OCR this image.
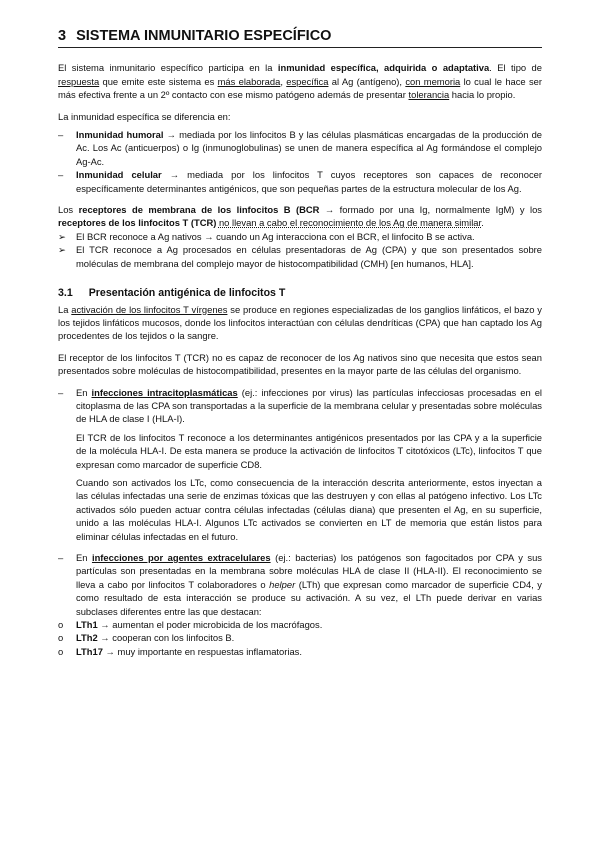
3 SISTEMA INMUNITARIO ESPECÍFICO

El sistema inmunitario específico participa en la inmunidad específica, adquirida o adaptativa. El tipo de respuesta que emite este sistema es más elaborada, específica al Ag (antígeno), con memoria lo cual le hace ser más efectiva frente a un 2º contacto con ese mismo patógeno además de presentar tolerancia hacia lo propio.

La inmunidad específica se diferencia en:

–	Inmunidad humoral → mediada por los linfocitos B y las células plasmáticas encargadas de la producción de Ac. Los Ac (anticuerpos) o Ig (inmunoglobulinas) se unen de manera específica al Ag formándose el complejo Ag-Ac.
–	Inmunidad celular → mediada por los linfocitos T cuyos receptores son capaces de reconocer específicamente determinantes antigénicos, que son pequeñas partes de la estructura molecular de los Ag.

Los receptores de membrana de los linfocitos B (BCR → formado por una Ig, normalmente IgM) y los receptores de los linfocitos T (TCR) no llevan a cabo el reconocimiento de los Ag de manera similar.

➢	El BCR reconoce a Ag nativos → cuando un Ag interacciona con el BCR, el linfocito B se activa.
➢	El TCR reconoce a Ag procesados en células presentadoras de Ag (CPA) y que son presentados sobre moléculas de membrana del complejo mayor de histocompatibilidad (CMH) [en humanos, HLA].
3.1 Presentación antigénica de linfocitos T

La activación de los linfocitos T vírgenes se produce en regiones especializadas de los ganglios linfáticos, el bazo y los tejidos linfáticos mucosos, donde los linfocitos interactúan con células dendríticas (CPA) que han captado los Ag procedentes de los tejidos o la sangre.

El receptor de los linfocitos T (TCR) no es capaz de reconocer de los Ag nativos sino que necesita que estos sean presentados sobre moléculas de histocompatibilidad, presentes en la mayor parte de las células del organismo.

–	En infecciones intracitoplasmáticas (ej.: infecciones por virus) las partículas infecciosas procesadas en el citoplasma de las CPA son transportadas a la superficie de la membrana celular y presentadas sobre moléculas de HLA de clase I (HLA-I).

El TCR de los linfocitos T reconoce a los determinantes antigénicos presentados por las CPA y a la superficie de la molécula HLA-I. De esta manera se produce la activación de linfocitos T citotóxicos (LTc), linfocitos T que expresan como marcador de superficie CD8.

Cuando son activados los LTc, como consecuencia de la interacción descrita anteriormente, estos inyectan a las células infectadas una serie de enzimas tóxicas que las destruyen y con ellas al patógeno infectivo. Los LTc activados sólo pueden actuar contra células infectadas (células diana) que presenten el Ag, en su superficie, unido a las moléculas HLA-I. Algunos LTc activados se convierten en LT de memoria que están listos para eliminar células infectadas en el futuro.

–	En infecciones por agentes extracelulares (ej.: bacterias) los patógenos son fagocitados por CPA y sus partículas son presentadas en la membrana sobre moléculas HLA de clase II (HLA-II). El reconocimiento se lleva a cabo por linfocitos T colaboradores o helper (LTh) que expresan como marcador de superficie CD4, y como resultado de esta interacción se produce su activación. A su vez, el LTh puede derivar en varias subclases diferentes entre las que destacan:
o	LTh1 → aumentan el poder microbicida de los macrófagos.
o	LTh2 → cooperan con los linfocitos B.
o	LTh17 → muy importante en respuestas inflamatorias.
